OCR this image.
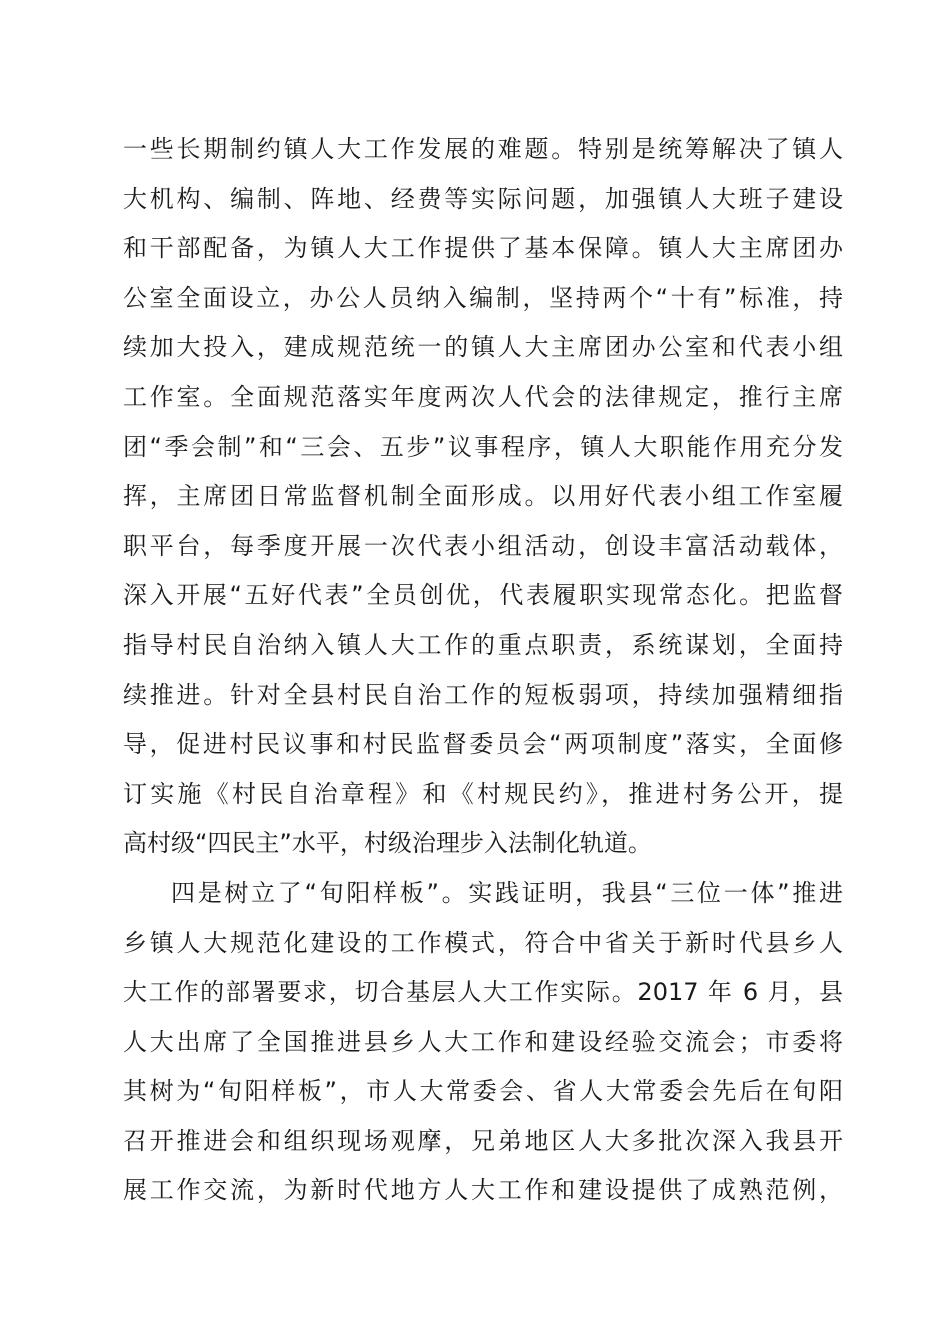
一些长期制约镇人大工作发展的难题。特别是统筹解决了镇人
大机构、编制、阵地、经费等实际问题，加强镇人大班子建设
和干部配备，为镇人大工作提供了基本保障。镇人大主席团办
公室全面设立，办公人员纳入编制，坚持两个“十有”标准，持
续加大投入，建成规范统一的镇人大主席团办公室和代表小组
工作室。全面规范落实年度两次人代会的法律规定，推行主席
团“季会制”和“三会、五步”议事程序，镇人大职能作用充分发
挥，主席团日常监督机制全面形成。以用好代表小组工作室履
职平台，每季度开展一次代表小组活动，创设丰富活动载体，
深入开展“五好代表”全员创优，代表履职实现常态化。把监督
指导村民自治纳入镇人大工作的重点职责，系统谋划，全面持
续推进。针对全县村民自治工作的短板弱项，持续加强精细指
导，促进村民议事和村民监督委员会“两项制度”落实，全面修
订实施《村民自治章程》和《村规民约》，推进村务公开，提
高村级“四民主”水平，村级治理步入法制化轨道。
四是树立了“旬阳样板”。实践证明，我县“三位一体”推进
乡镇人大规范化建设的工作模式，符合中省关于新时代县乡人
大工作的部署要求，切合基层人大工作实际。2017 年 6 月，县
人大出席了全国推进县乡人大工作和建设经验交流会；市委将
其树为“旬阳样板”，市人大常委会、省人大常委会先后在旬阳
召开推进会和组织现场观摩，兄弟地区人大多批次深入我县开
展工作交流，为新时代地方人大工作和建设提供了成熟范例，
